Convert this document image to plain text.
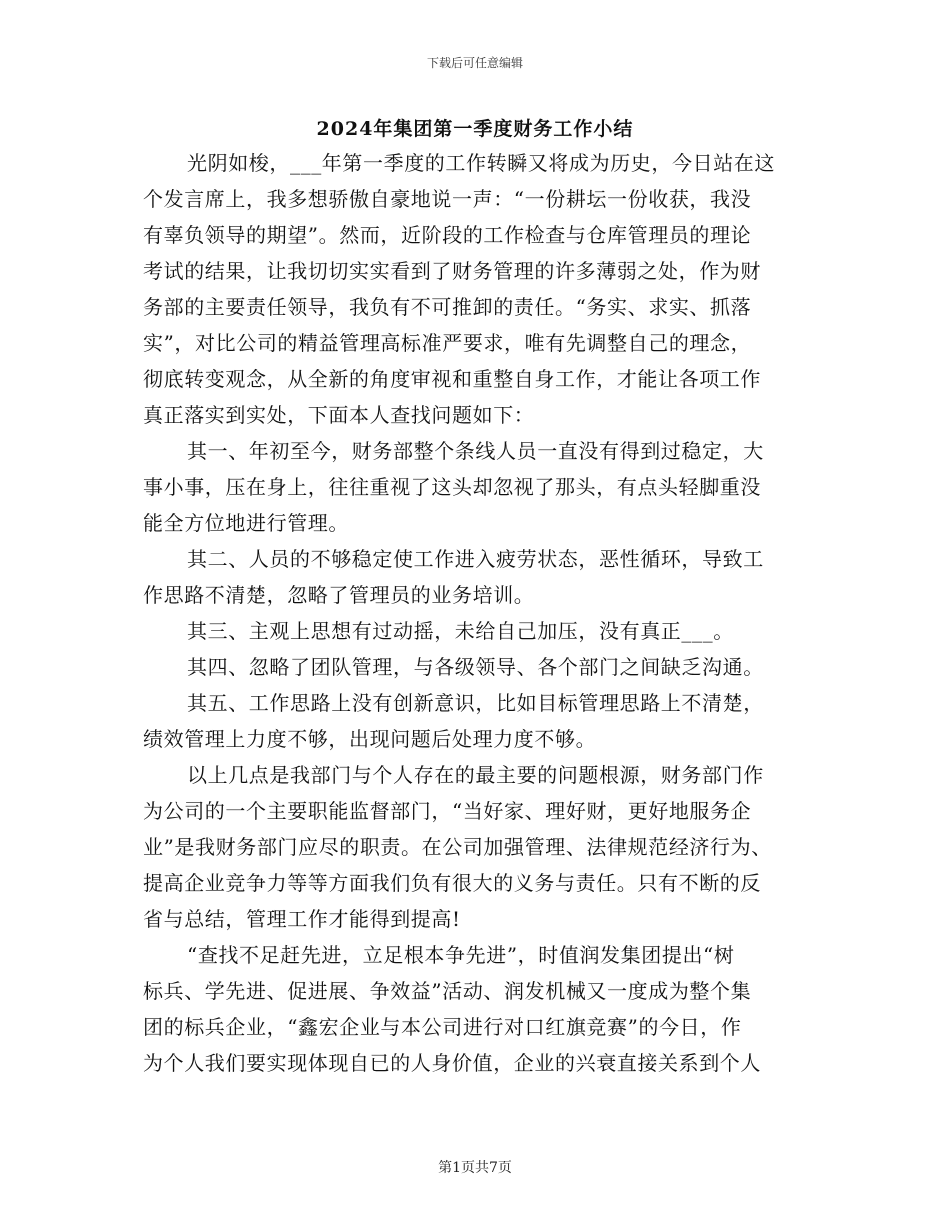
下载后可任意编辑
2024年集团第一季度财务工作小结
光阴如梭，___年第一季度的工作转瞬又将成为历史，今日站在这
个发言席上，我多想骄傲自豪地说一声：“一份耕坛一份收获，我没
有辜负领导的期望”。然而，近阶段的工作检查与仓库管理员的理论
考试的结果，让我切切实实看到了财务管理的许多薄弱之处，作为财
务部的主要责任领导，我负有不可推卸的责任。“务实、求实、抓落
实”，对比公司的精益管理高标准严要求，唯有先调整自己的理念，
彻底转变观念，从全新的角度审视和重整自身工作，才能让各项工作
真正落实到实处，下面本人查找问题如下：
其一、年初至今，财务部整个条线人员一直没有得到过稳定，大
事小事，压在身上，往往重视了这头却忽视了那头，有点头轻脚重没
能全方位地进行管理。
其二、人员的不够稳定使工作进入疲劳状态，恶性循环，导致工
作思路不清楚，忽略了管理员的业务培训。
其三、主观上思想有过动摇，未给自己加压，没有真正___。
其四、忽略了团队管理，与各级领导、各个部门之间缺乏沟通。
其五、工作思路上没有创新意识，比如目标管理思路上不清楚，
绩效管理上力度不够，出现问题后处理力度不够。
以上几点是我部门与个人存在的最主要的问题根源，财务部门作
为公司的一个主要职能监督部门，“当好家、理好财，更好地服务企
业”是我财务部门应尽的职责。在公司加强管理、法律规范经济行为、
提高企业竞争力等等方面我们负有很大的义务与责任。只有不断的反
省与总结，管理工作才能得到提高!
“查找不足赶先进，立足根本争先进”，时值润发集团提出“树
标兵、学先进、促进展、争效益”活动、润发机械又一度成为整个集
团的标兵企业，“鑫宏企业与本公司进行对口红旗竞赛”的今日，作
为个人我们要实现体现自已的人身价值，企业的兴衰直接关系到个人
第1页共7页
